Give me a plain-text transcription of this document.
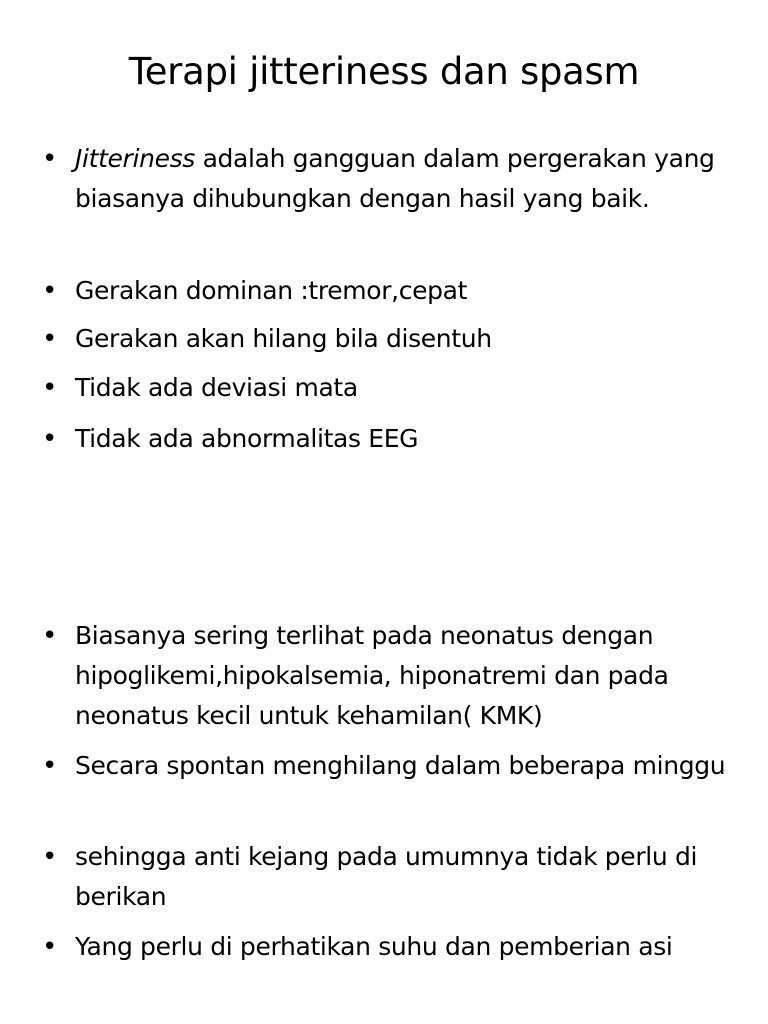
Terapi jitteriness dan spasm
• Jitteriness adalah gangguan dalam pergerakan yang biasanya dihubungkan dengan hasil yang baik.
• Gerakan dominan :tremor,cepat
• Gerakan akan hilang bila disentuh
• Tidak ada deviasi mata
• Tidak ada abnormalitas EEG
• Biasanya sering terlihat pada neonatus dengan hipoglikemi,hipokalsemia, hiponatremi dan pada neonatus kecil untuk kehamilan( KMK)
• Secara spontan menghilang dalam beberapa minggu
• sehingga anti kejang pada umumnya tidak perlu di berikan
• Yang perlu di perhatikan suhu dan pemberian asi
